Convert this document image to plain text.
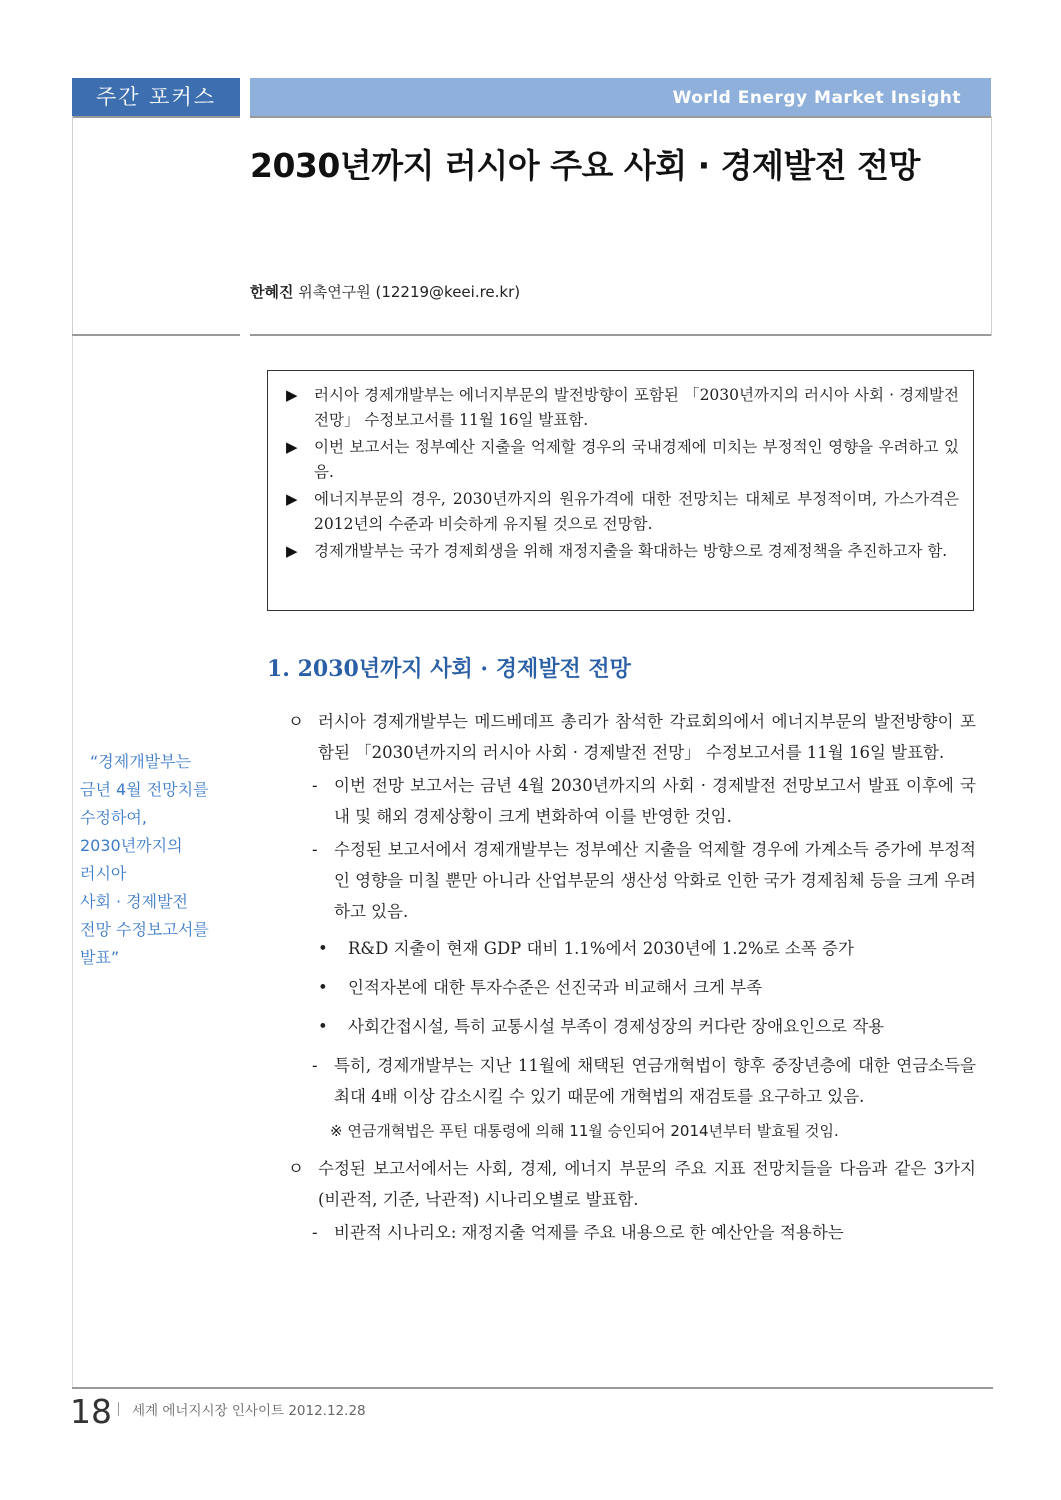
주간 포커스	World Energy Market Insight
2030년까지 러시아 주요 사회 · 경제발전 전망
한혜진 위촉연구원 (12219@keei.re.kr)
▶ 러시아 경제개발부는 에너지부문의 발전방향이 포함된 「2030년까지의 러시아 사회 · 경제발전 전망」 수정보고서를 11월 16일 발표함.
▶ 이번 보고서는 정부예산 지출을 억제할 경우의 국내경제에 미치는 부정적인 영향을 우려하고 있음.
▶ 에너지부문의 경우, 2030년까지의 원유가격에 대한 전망치는 대체로 부정적이며, 가스가격은 2012년의 수준과 비슷하게 유지될 것으로 전망함.
▶ 경제개발부는 국가 경제회생을 위해 재정지출을 확대하는 방향으로 경제정책을 추진하고자 함.
1. 2030년까지 사회 · 경제발전 전망
“경제개발부는
금년 4월 전망치를
수정하여,
2030년까지의
러시아
사회 · 경제발전
전망 수정보고서를
발표”
ㅇ 러시아 경제개발부는 메드베데프 총리가 참석한 각료회의에서 에너지부문의 발전방향이 포함된 「2030년까지의 러시아 사회 · 경제발전 전망」 수정보고서를 11월 16일 발표함.
- 이번 전망 보고서는 금년 4월 2030년까지의 사회 · 경제발전 전망보고서 발표 이후에 국내 및 해외 경제상황이 크게 변화하여 이를 반영한 것임.
- 수정된 보고서에서 경제개발부는 정부예산 지출을 억제할 경우에 가계소득 증가에 부정적인 영향을 미칠 뿐만 아니라 산업부문의 생산성 악화로 인한 국가 경제침체 등을 크게 우려하고 있음.
• R&D 지출이 현재 GDP 대비 1.1%에서 2030년에 1.2%로 소폭 증가
• 인적자본에 대한 투자수준은 선진국과 비교해서 크게 부족
• 사회간접시설, 특히 교통시설 부족이 경제성장의 커다란 장애요인으로 작용
- 특히, 경제개발부는 지난 11월에 채택된 연금개혁법이 향후 중장년층에 대한 연금소득을 최대 4배 이상 감소시킬 수 있기 때문에 개혁법의 재검토를 요구하고 있음.
※ 연금개혁법은 푸틴 대통령에 의해 11월 승인되어 2014년부터 발효될 것임.
ㅇ 수정된 보고서에서는 사회, 경제, 에너지 부문의 주요 지표 전망치들을 다음과 같은 3가지(비관적, 기준, 낙관적) 시나리오별로 발표함.
- 비관적 시나리오: 재정지출 억제를 주요 내용으로 한 예산안을 적용하는
18 세계 에너지시장 인사이트 2012.12.28
